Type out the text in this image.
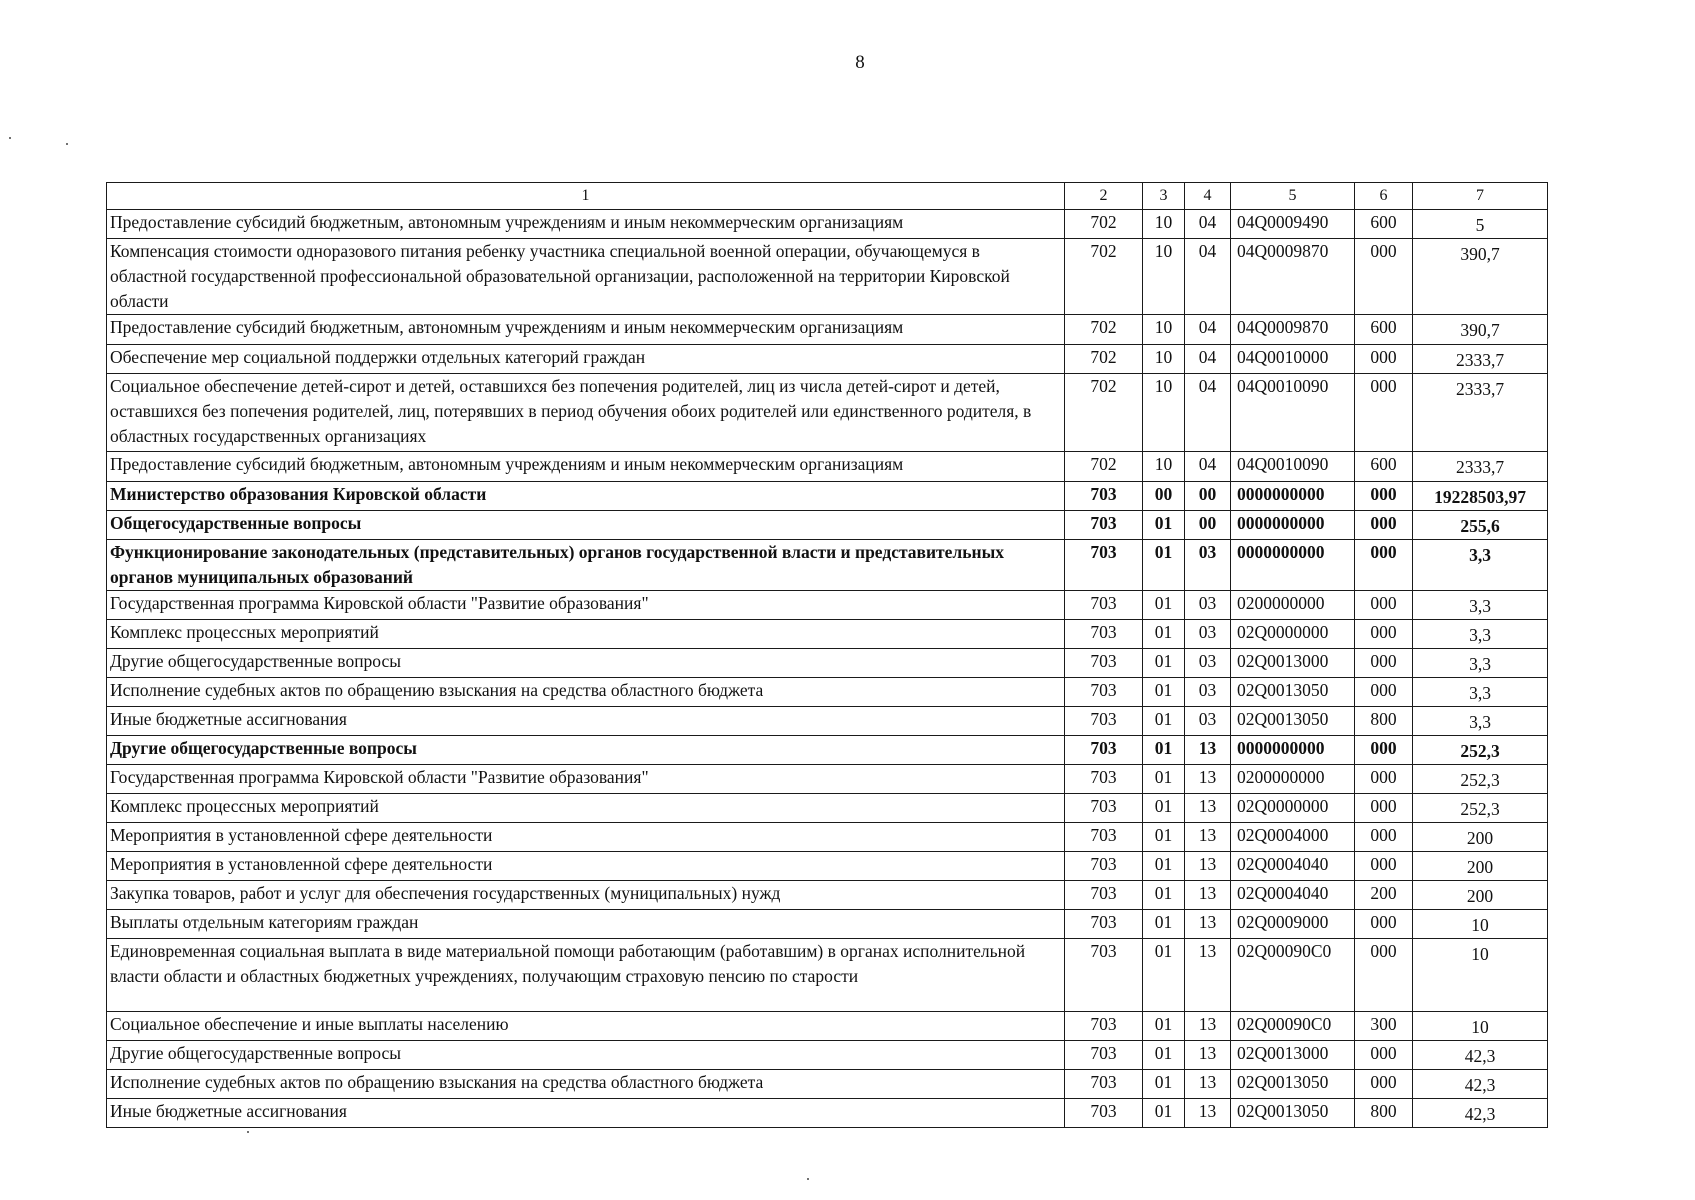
8
1	2	3	4	5	6	7
Предоставление субсидий бюджетным, автономным учреждениям и иным некоммерческим организациям	702	10	04	04Q0009490	600	5
Компенсация стоимости одноразового питания ребенку участника специальной военной операции, обучающемуся в областной государственной профессиональной образовательной организации, расположенной на территории Кировской области	702	10	04	04Q0009870	000	390,7
Предоставление субсидий бюджетным, автономным учреждениям и иным некоммерческим организациям	702	10	04	04Q0009870	600	390,7
Обеспечение мер социальной поддержки отдельных категорий граждан	702	10	04	04Q0010000	000	2333,7
Социальное обеспечение детей-сирот и детей, оставшихся без попечения родителей, лиц из числа детей-сирот и детей, оставшихся без попечения родителей, лиц, потерявших в период обучения обоих родителей или единственного родителя, в областных государственных организациях	702	10	04	04Q0010090	000	2333,7
Предоставление субсидий бюджетным, автономным учреждениям и иным некоммерческим организациям	702	10	04	04Q0010090	600	2333,7
Министерство образования Кировской области	703	00	00	0000000000	000	19228503,97
Общегосударственные вопросы	703	01	00	0000000000	000	255,6
Функционирование законодательных (представительных) органов государственной власти и представительных органов муниципальных образований	703	01	03	0000000000	000	3,3
Государственная программа Кировской области "Развитие образования"	703	01	03	0200000000	000	3,3
Комплекс процессных мероприятий	703	01	03	02Q0000000	000	3,3
Другие общегосударственные вопросы	703	01	03	02Q0013000	000	3,3
Исполнение судебных актов по обращению взыскания на средства областного бюджета	703	01	03	02Q0013050	000	3,3
Иные бюджетные ассигнования	703	01	03	02Q0013050	800	3,3
Другие общегосударственные вопросы	703	01	13	0000000000	000	252,3
Государственная программа Кировской области "Развитие образования"	703	01	13	0200000000	000	252,3
Комплекс процессных мероприятий	703	01	13	02Q0000000	000	252,3
Мероприятия в установленной сфере деятельности	703	01	13	02Q0004000	000	200
Мероприятия в установленной сфере деятельности	703	01	13	02Q0004040	000	200
Закупка товаров, работ и услуг для обеспечения государственных (муниципальных) нужд	703	01	13	02Q0004040	200	200
Выплаты отдельным категориям граждан	703	01	13	02Q0009000	000	10
Единовременная социальная выплата в виде материальной помощи работающим (работавшим) в органах исполнительной власти области и областных бюджетных учреждениях, получающим страховую пенсию по старости	703	01	13	02Q00090C0	000	10
Социальное обеспечение и иные выплаты населению	703	01	13	02Q00090C0	300	10
Другие общегосударственные вопросы	703	01	13	02Q0013000	000	42,3
Исполнение судебных актов по обращению взыскания на средства областного бюджета	703	01	13	02Q0013050	000	42,3
Иные бюджетные ассигнования	703	01	13	02Q0013050	800	42,3
